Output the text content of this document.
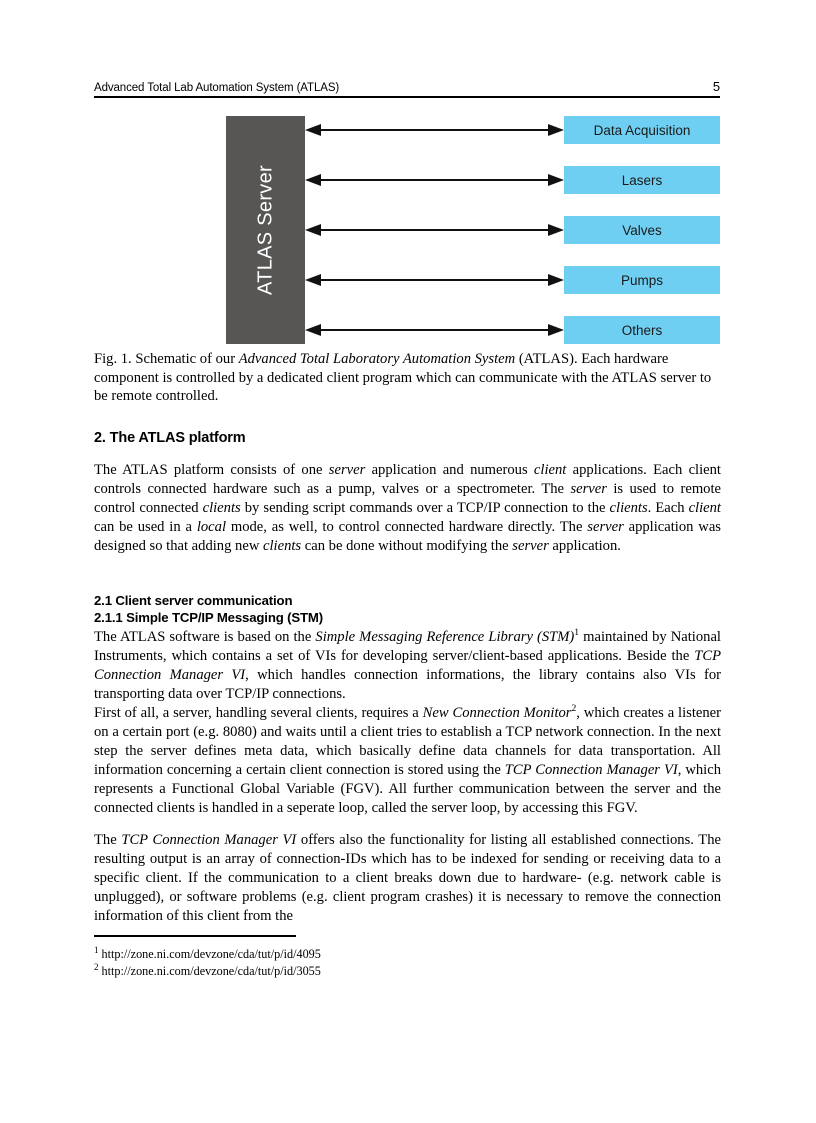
Advanced Total Lab Automation System (ATLAS)	5
ATLAS Server
Data Acquisition
Lasers
Valves
Pumps
Others
Fig. 1. Schematic of our Advanced Total Laboratory Automation System (ATLAS). Each hardware component is controlled by a dedicated client program which can communicate with the ATLAS server to be remote controlled.
2. The ATLAS platform
The ATLAS platform consists of one server application and numerous client applications. Each client controls connected hardware such as a pump, valves or a spectrometer. The server is used to remote control connected clients by sending script commands over a TCP/IP connection to the clients. Each client can be used in a local mode, as well, to control connected hardware directly. The server application was designed so that adding new clients can be done without modifying the server application.
2.1 Client server communication
2.1.1 Simple TCP/IP Messaging (STM)
The ATLAS software is based on the Simple Messaging Reference Library (STM)$^1$ maintained by National Instruments, which contains a set of VIs for developing server/client-based applications. Beside the TCP Connection Manager VI, which handles connection informations, the library contains also VIs for transporting data over TCP/IP connections.
First of all, a server, handling several clients, requires a New Connection Monitor$^2$, which creates a listener on a certain port (e.g. 8080) and waits until a client tries to establish a TCP network connection. In the next step the server defines meta data, which basically define data channels for data transportation. All information concerning a certain client connection is stored using the TCP Connection Manager VI, which represents a Functional Global Variable (FGV). All further communication between the server and the connected clients is handled in a seperate loop, called the server loop, by accessing this FGV.
The TCP Connection Manager VI offers also the functionality for listing all established connections. The resulting output is an array of connection-IDs which has to be indexed for sending or receiving data to a specific client. If the communication to a client breaks down due to hardware- (e.g. network cable is unplugged), or software problems (e.g. client program crashes) it is necessary to remove the connection information of this client from the
$^1$ http://zone.ni.com/devzone/cda/tut/p/id/4095
$^2$ http://zone.ni.com/devzone/cda/tut/p/id/3055
